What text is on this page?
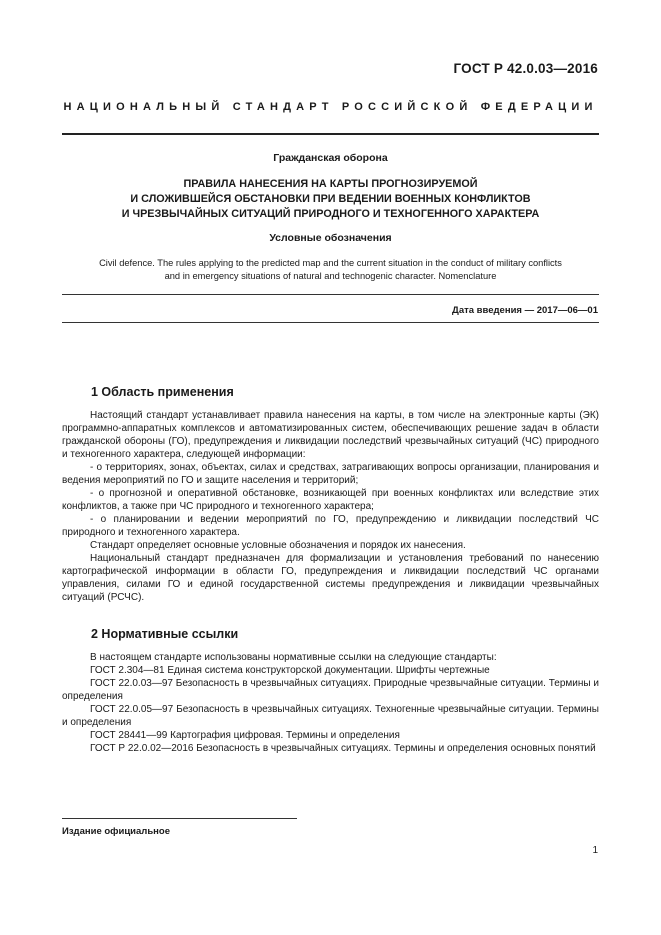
ГОСТ Р 42.0.03—2016
НАЦИОНАЛЬНЫЙ СТАНДАРТ РОССИЙСКОЙ ФЕДЕРАЦИИ
Гражданская оборона
ПРАВИЛА НАНЕСЕНИЯ НА КАРТЫ ПРОГНОЗИРУЕМОЙ
И СЛОЖИВШЕЙСЯ ОБСТАНОВКИ ПРИ ВЕДЕНИИ ВОЕННЫХ КОНФЛИКТОВ
И ЧРЕЗВЫЧАЙНЫХ СИТУАЦИЙ ПРИРОДНОГО И ТЕХНОГЕННОГО ХАРАКТЕРА
Условные обозначения
Civil defence. The rules applying to the predicted map and the current situation in the conduct of military conflicts
and in emergency situations of natural and technogenic character. Nomenclature
Дата введения — 2017—06—01
1 Область применения

Настоящий стандарт устанавливает правила нанесения на карты, в том числе на электронные карты (ЭК) программно-аппаратных комплексов и автоматизированных систем, обеспечивающих решение задач в области гражданской обороны (ГО), предупреждения и ликвидации последствий чрезвычайных ситуаций (ЧС) природного и техногенного характера, следующей информации:

- о территориях, зонах, объектах, силах и средствах, затрагивающих вопросы организации, планирования и ведения мероприятий по ГО и защите населения и территорий;

- о прогнозной и оперативной обстановке, возникающей при военных конфликтах или вследствие этих конфликтов, а также при ЧС природного и техногенного характера;

- о планировании и ведении мероприятий по ГО, предупреждению и ликвидации последствий ЧС природного и техногенного характера.

Стандарт определяет основные условные обозначения и порядок их нанесения.

Национальный стандарт предназначен для формализации и установления требований по нанесению картографической информации в области ГО, предупреждения и ликвидации последствий ЧС органами управления, силами ГО и единой государственной системы предупреждения и ликвидации чрезвычайных ситуаций (РСЧС).

2 Нормативные ссылки

В настоящем стандарте использованы нормативные ссылки на следующие стандарты:

ГОСТ 2.304—81 Единая система конструкторской документации. Шрифты чертежные

ГОСТ 22.0.03—97 Безопасность в чрезвычайных ситуациях. Природные чрезвычайные ситуации. Термины и определения

ГОСТ 22.0.05—97 Безопасность в чрезвычайных ситуациях. Техногенные чрезвычайные ситуации. Термины и определения

ГОСТ 28441—99 Картография цифровая. Термины и определения

ГОСТ Р 22.0.02—2016 Безопасность в чрезвычайных ситуациях. Термины и определения основных понятий

Издание официальное
1
